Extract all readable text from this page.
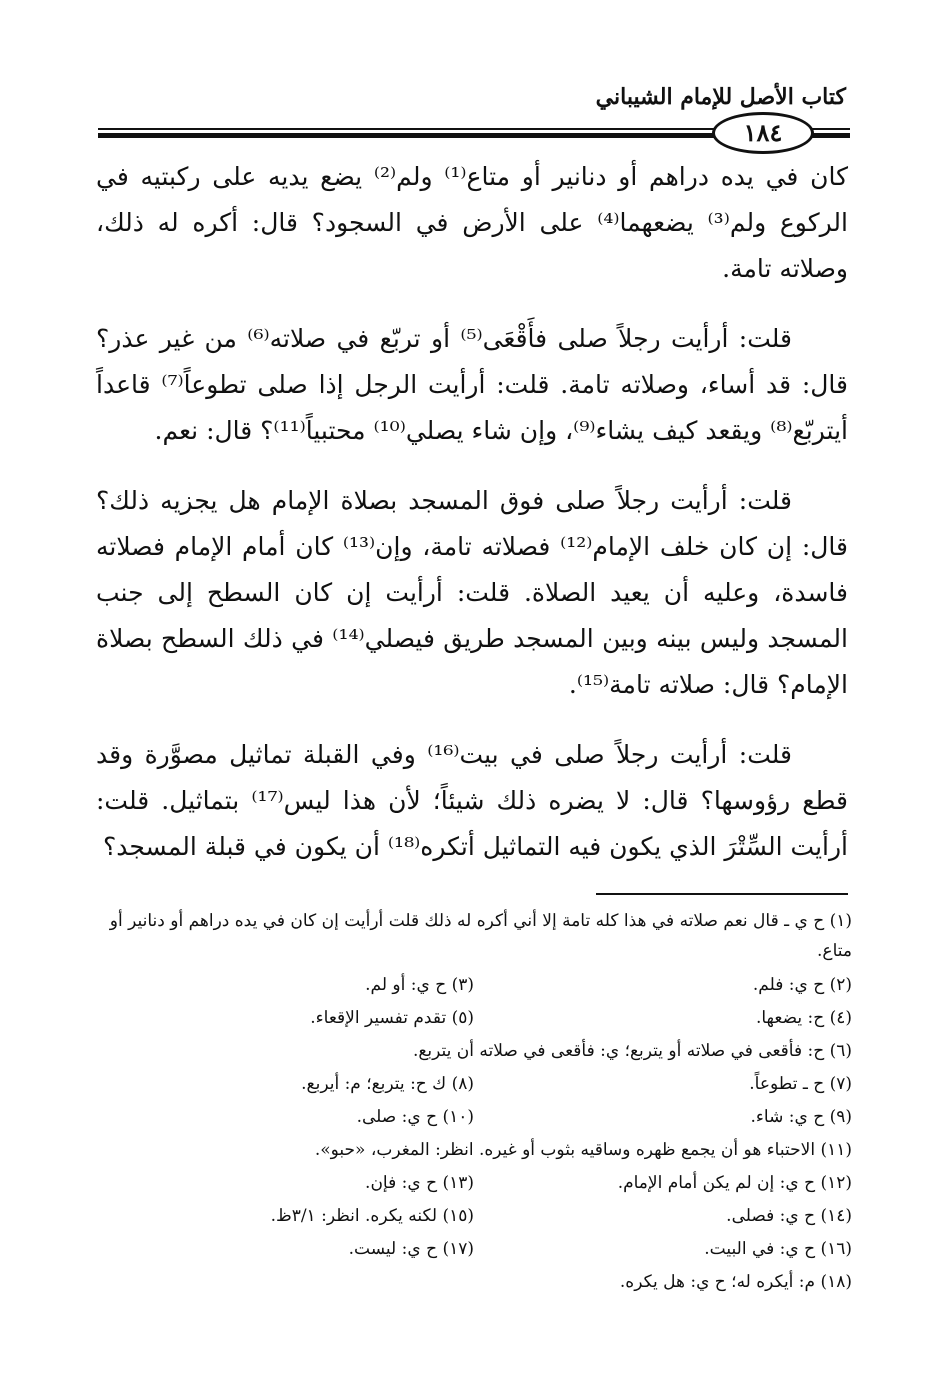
كتاب الأصل للإمام الشيباني
١٨٤

كان في يده دراهم أو دنانير أو متاع⁽¹⁾ ولم⁽²⁾ يضع يديه على ركبتيه في الركوع ولم⁽³⁾ يضعهما⁽⁴⁾ على الأرض في السجود؟ قال: أكره له ذلك، وصلاته تامة.

قلت: أرأيت رجلاً صلى فأَقْعَى⁽⁵⁾ أو تربّع في صلاته⁽⁶⁾ من غير عذر؟ قال: قد أساء، وصلاته تامة. قلت: أرأيت الرجل إذا صلى تطوعاً⁽⁷⁾ قاعداً أيتربّع⁽⁸⁾ ويقعد كيف يشاء⁽⁹⁾، وإن شاء يصلي⁽¹⁰⁾ محتبياً⁽¹¹⁾؟ قال: نعم.

قلت: أرأيت رجلاً صلى فوق المسجد بصلاة الإمام هل يجزيه ذلك؟ قال: إن كان خلف الإمام⁽¹²⁾ فصلاته تامة، وإن⁽¹³⁾ كان أمام الإمام فصلاته فاسدة، وعليه أن يعيد الصلاة. قلت: أرأيت إن كان السطح إلى جنب المسجد وليس بينه وبين المسجد طريق فيصلي⁽¹⁴⁾ في ذلك السطح بصلاة الإمام؟ قال: صلاته تامة⁽¹⁵⁾.

قلت: أرأيت رجلاً صلى في بيت⁽¹⁶⁾ وفي القبلة تماثيل مصوَّرة وقد قطع رؤوسها؟ قال: لا يضره ذلك شيئاً؛ لأن هذا ليس⁽¹⁷⁾ بتماثيل. قلت: أرأيت السِّتْرَ الذي يكون فيه التماثيل أتكره⁽¹⁸⁾ أن يكون في قبلة المسجد؟

(١) ح ي ـ قال نعم صلاته في هذا كله تامة إلا أني أكره له ذلك قلت أرأيت إن كان في يده دراهم أو دنانير أو متاع.
(٢) ح ي: فلم.
(٣) ح ي: أو لم.
(٤) ح: يضعها.
(٥) تقدم تفسير الإقعاء.
(٦) ح: فأقعى في صلاته أو يتربع؛ ي: فأقعى في صلاته أن يتربع.
(٧) ح ـ تطوعاً.
(٨) ك ح: يتربع؛ م: أيربع.
(٩) ح ي: شاء.
(١٠) ح ي: صلى.
(١١) الاحتباء هو أن يجمع ظهره وساقيه بثوب أو غيره. انظر: المغرب، «حبو».
(١٢) ح ي: إن لم يكن أمام الإمام.
(١٣) ح ي: فإن.
(١٤) ح ي: فصلى.
(١٥) لكنه يكره. انظر: ٣/١ظ.
(١٦) ح ي: في البيت.
(١٧) ح ي: ليست.
(١٨) م: أيكره له؛ ح ي: هل يكره.
